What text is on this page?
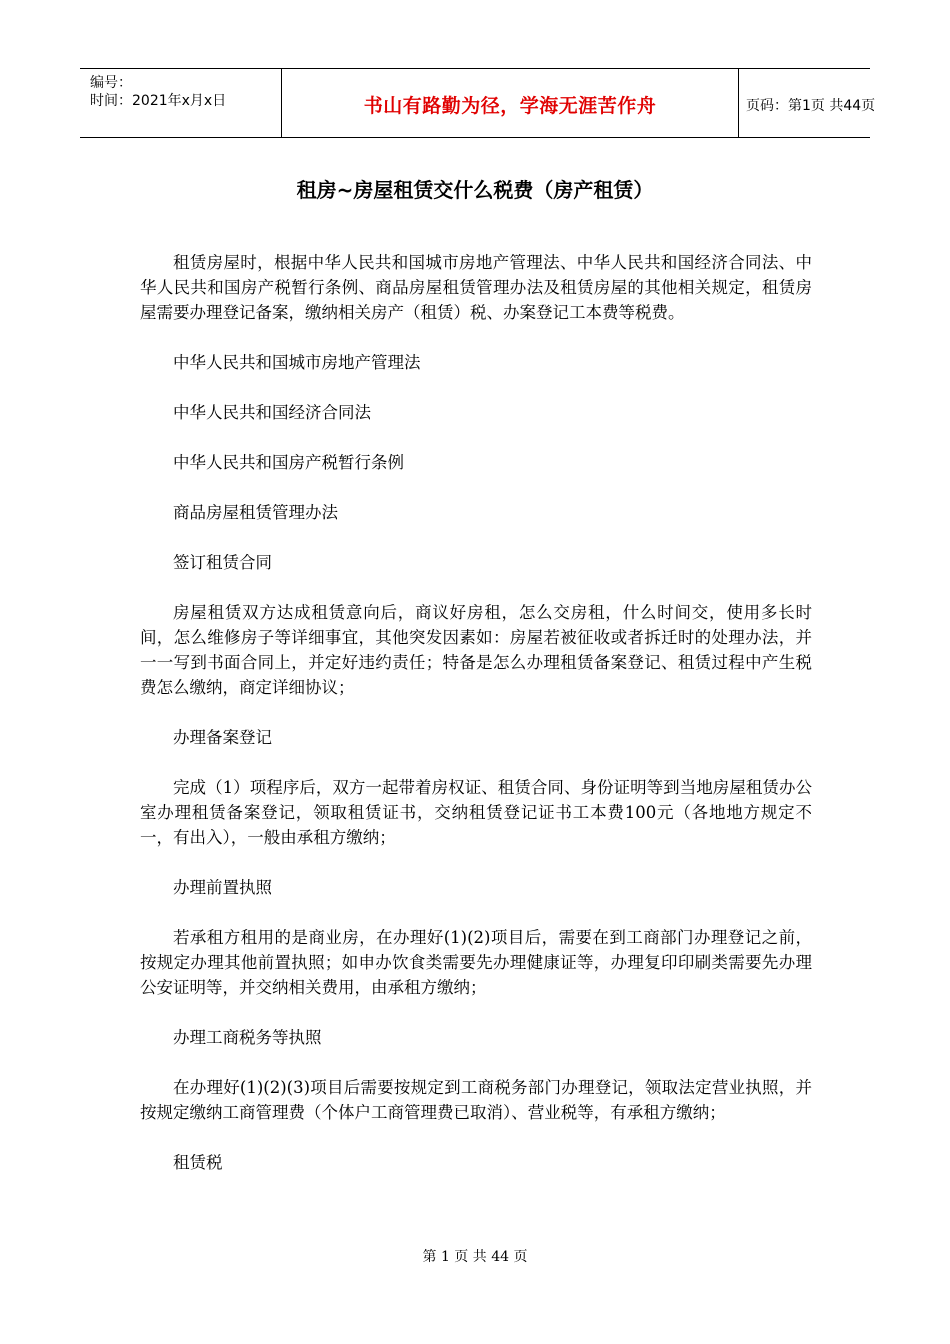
编号：
时间：2021年x月x日	书山有路勤为径，学海无涯苦作舟	页码：第1页 共44页
租房~房屋租赁交什么税费（房产租赁）

租赁房屋时，根据中华人民共和国城市房地产管理法、中华人民共和国经济合同法、中华人民共和国房产税暂行条例、商品房屋租赁管理办法及租赁房屋的其他相关规定，租赁房屋需要办理登记备案，缴纳相关房产（租赁）税、办案登记工本费等税费。

中华人民共和国城市房地产管理法

中华人民共和国经济合同法

中华人民共和国房产税暂行条例

商品房屋租赁管理办法

签订租赁合同

房屋租赁双方达成租赁意向后，商议好房租，怎么交房租，什么时间交，使用多长时间，怎么维修房子等详细事宜，其他突发因素如：房屋若被征收或者拆迁时的处理办法，并一一写到书面合同上，并定好违约责任；特备是怎么办理租赁备案登记、租赁过程中产生税费怎么缴纳，商定详细协议；

办理备案登记

完成（1）项程序后，双方一起带着房权证、租赁合同、身份证明等到当地房屋租赁办公室办理租赁备案登记，领取租赁证书，交纳租赁登记证书工本费100元（各地地方规定不一，有出入），一般由承租方缴纳；

办理前置执照

若承租方租用的是商业房，在办理好(1)(2)项目后，需要在到工商部门办理登记之前，按规定办理其他前置执照；如申办饮食类需要先办理健康证等，办理复印印刷类需要先办理公安证明等，并交纳相关费用，由承租方缴纳；

办理工商税务等执照

在办理好(1)(2)(3)项目后需要按规定到工商税务部门办理登记，领取法定营业执照，并按规定缴纳工商管理费（个体户工商管理费已取消）、营业税等，有承租方缴纳；

租赁税

第 1 页 共 44 页
